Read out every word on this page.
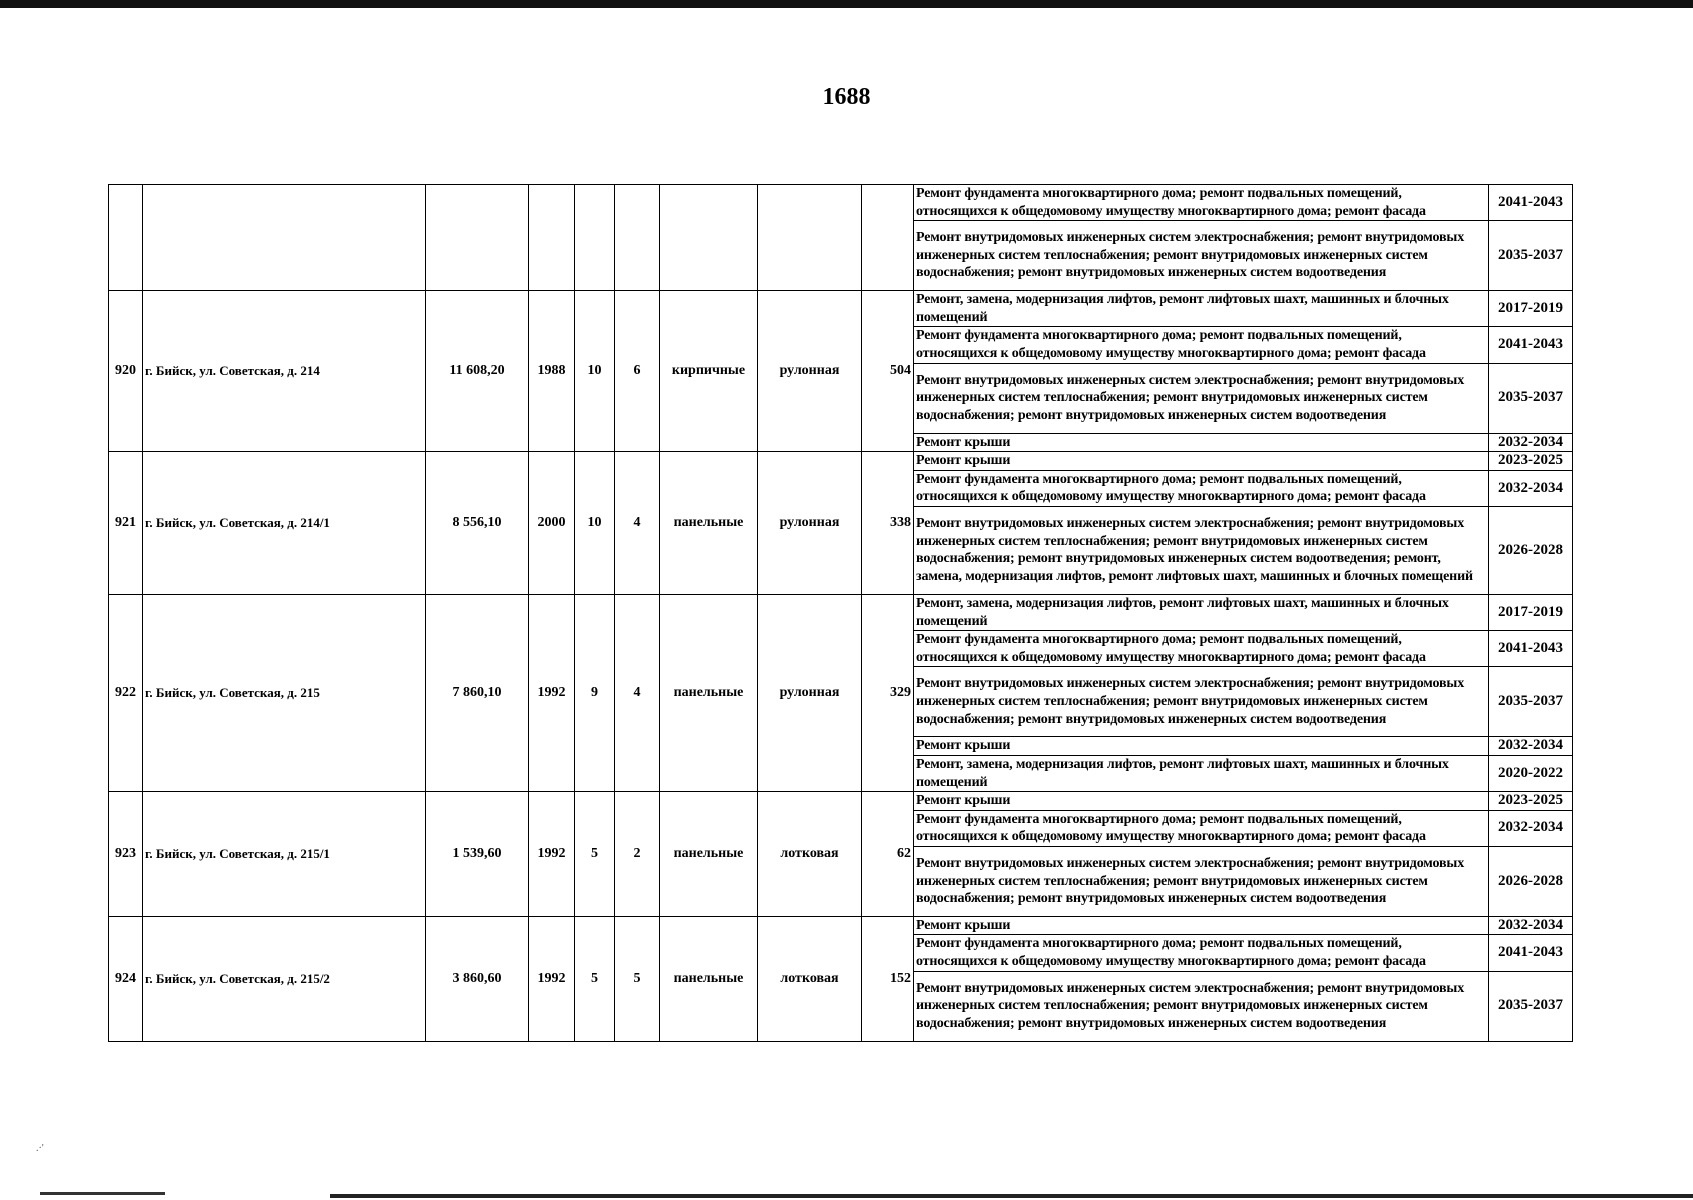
1688
									Ремонт фундамента многоквартирного дома; ремонт подвальных помещений, относящихся к общедомовому имуществу многоквартирного дома; ремонт фасада	2041-2043
									Ремонт внутридомовых инженерных систем электроснабжения; ремонт внутридомовых инженерных систем теплоснабжения; ремонт внутридомовых инженерных систем водоснабжения; ремонт внутридомовых инженерных систем водоотведения	2035-2037
920	г. Бийск, ул. Советская, д. 214	11 608,20	1988	10	6	кирпичные	рулонная	504	Ремонт, замена, модернизация лифтов, ремонт лифтовых шахт, машинных и блочных помещений	2017-2019
									Ремонт фундамента многоквартирного дома; ремонт подвальных помещений, относящихся к общедомовому имуществу многоквартирного дома; ремонт фасада	2041-2043
									Ремонт внутридомовых инженерных систем электроснабжения; ремонт внутридомовых инженерных систем теплоснабжения; ремонт внутридомовых инженерных систем водоснабжения; ремонт внутридомовых инженерных систем водоотведения	2035-2037
									Ремонт крыши	2032-2034
921	г. Бийск, ул. Советская, д. 214/1	8 556,10	2000	10	4	панельные	рулонная	338	Ремонт крыши	2023-2025
									Ремонт фундамента многоквартирного дома; ремонт подвальных помещений, относящихся к общедомовому имуществу многоквартирного дома; ремонт фасада	2032-2034
									Ремонт внутридомовых инженерных систем электроснабжения; ремонт внутридомовых инженерных систем теплоснабжения; ремонт внутридомовых инженерных систем водоснабжения; ремонт внутридомовых инженерных систем водоотведения; ремонт, замена, модернизация лифтов, ремонт лифтовых шахт, машинных и блочных помещений	2026-2028
922	г. Бийск, ул. Советская, д. 215	7 860,10	1992	9	4	панельные	рулонная	329	Ремонт, замена, модернизация лифтов, ремонт лифтовых шахт, машинных и блочных помещений	2017-2019
									Ремонт фундамента многоквартирного дома; ремонт подвальных помещений, относящихся к общедомовому имуществу многоквартирного дома; ремонт фасада	2041-2043
									Ремонт внутридомовых инженерных систем электроснабжения; ремонт внутридомовых инженерных систем теплоснабжения; ремонт внутридомовых инженерных систем водоснабжения; ремонт внутридомовых инженерных систем водоотведения	2035-2037
									Ремонт крыши	2032-2034
									Ремонт, замена, модернизация лифтов, ремонт лифтовых шахт, машинных и блочных помещений	2020-2022
923	г. Бийск, ул. Советская, д. 215/1	1 539,60	1992	5	2	панельные	лотковая	62	Ремонт крыши	2023-2025
									Ремонт фундамента многоквартирного дома; ремонт подвальных помещений, относящихся к общедомовому имуществу многоквартирного дома; ремонт фасада	2032-2034
									Ремонт внутридомовых инженерных систем электроснабжения; ремонт внутридомовых инженерных систем теплоснабжения; ремонт внутридомовых инженерных систем водоснабжения; ремонт внутридомовых инженерных систем водоотведения	2026-2028
924	г. Бийск, ул. Советская, д. 215/2	3 860,60	1992	5	5	панельные	лотковая	152	Ремонт крыши	2032-2034
									Ремонт фундамента многоквартирного дома; ремонт подвальных помещений, относящихся к общедомовому имуществу многоквартирного дома; ремонт фасада	2041-2043
									Ремонт внутридомовых инженерных систем электроснабжения; ремонт внутридомовых инженерных систем теплоснабжения; ремонт внутридомовых инженерных систем водоснабжения; ремонт внутридомовых инженерных систем водоотведения	2035-2037
.·'
